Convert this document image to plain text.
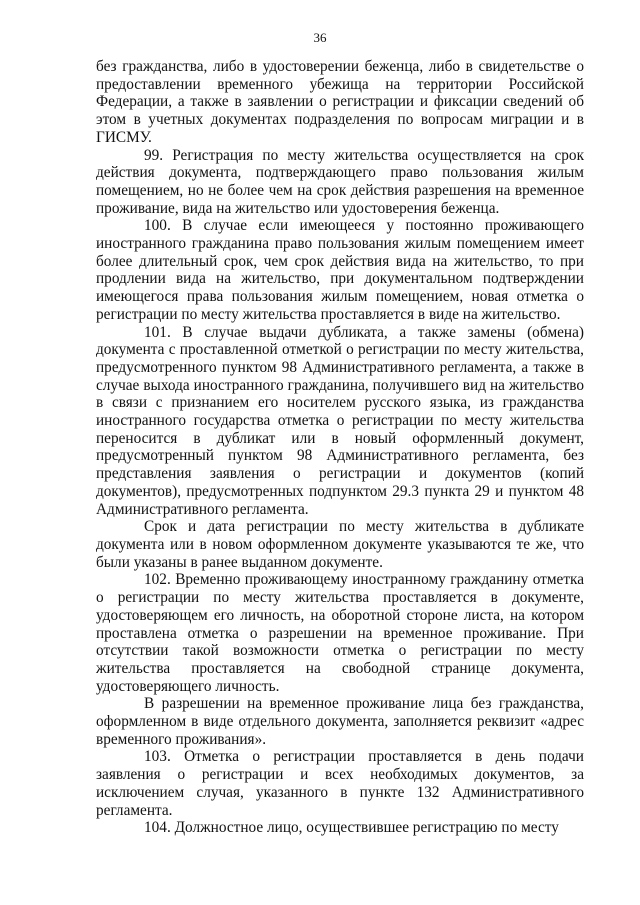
36

без гражданства, либо в удостоверении беженца, либо в свидетельстве о предоставлении временного убежища на территории Российской Федерации, а также в заявлении о регистрации и фиксации сведений об этом в учетных документах подразделения по вопросам миграции и в ГИСМУ.

99. Регистрация по месту жительства осуществляется на срок действия документа, подтверждающего право пользования жилым помещением, но не более чем на срок действия разрешения на временное проживание, вида на жительство или удостоверения беженца.

100. В случае если имеющееся у постоянно проживающего иностранного гражданина право пользования жилым помещением имеет более длительный срок, чем срок действия вида на жительство, то при продлении вида на жительство, при документальном подтверждении имеющегося права пользования жилым помещением, новая отметка о регистрации по месту жительства проставляется в виде на жительство.

101. В случае выдачи дубликата, а также замены (обмена) документа с проставленной отметкой о регистрации по месту жительства, предусмотренного пунктом 98 Административного регламента, а также в случае выхода иностранного гражданина, получившего вид на жительство в связи с признанием его носителем русского языка, из гражданства иностранного государства отметка о регистрации по месту жительства переносится в дубликат или в новый оформленный документ, предусмотренный пунктом 98 Административного регламента, без представления заявления о регистрации и документов (копий документов), предусмотренных подпунктом 29.3 пункта 29 и пунктом 48 Административного регламента.

Срок и дата регистрации по месту жительства в дубликате документа или в новом оформленном документе указываются те же, что были указаны в ранее выданном документе.

102. Временно проживающему иностранному гражданину отметка о регистрации по месту жительства проставляется в документе, удостоверяющем его личность, на оборотной стороне листа, на котором проставлена отметка о разрешении на временное проживание. При отсутствии такой возможности отметка о регистрации по месту жительства проставляется на свободной странице документа, удостоверяющего личность.

В разрешении на временное проживание лица без гражданства, оформленном в виде отдельного документа, заполняется реквизит «адрес временного проживания».

103. Отметка о регистрации проставляется в день подачи заявления о регистрации и всех необходимых документов, за исключением случая, указанного в пункте 132 Административного регламента.

104. Должностное лицо, осуществившее регистрацию по месту
